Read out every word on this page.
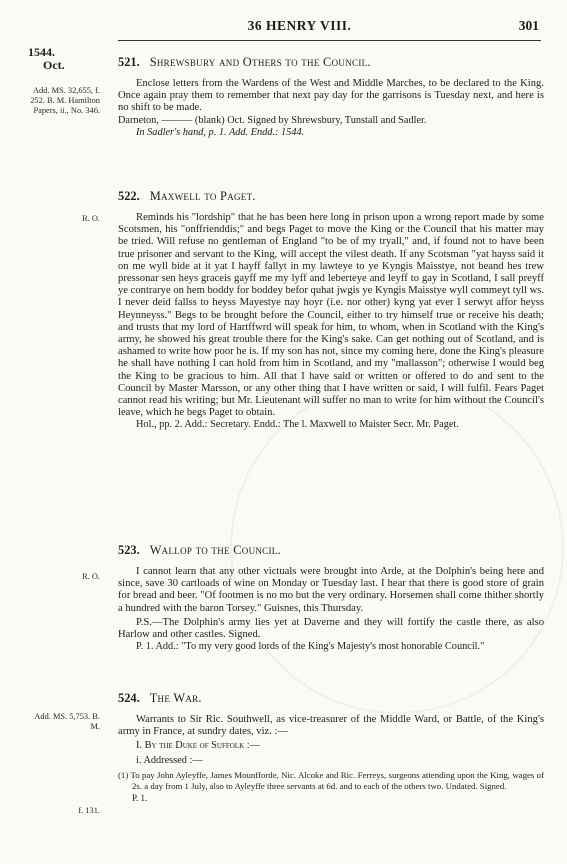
36 HENRY VIII.	301
1544.
Oct.
Add. MS. 32,655, f. 252. B. M. Hamilton Papers, ii., No. 346.

521. Shrewsbury and Others to the Council.

Enclose letters from the Wardens of the West and Middle Marches, to be declared to the King. Once again pray them to remember that next pay day for the garrisons is Tuesday next, and here is no shift to be made.

Darneton, ——— (blank) Oct. Signed by Shrewsbury, Tunstall and Sadler.

In Sadler's hand, p. 1. Add. Endd.: 1544.

R. O.

522. Maxwell to Paget.

Reminds his "lordship" that he has been here long in prison upon a wrong report made by some Scotsmen, his "onffrienddis;" and begs Paget to move the King or the Council that his matter may be tried. Will refuse no gentleman of England "to be of my tryall," and, if found not to have been true prisoner and servant to the King, will accept the vilest death. If any Scotsman "yat hayss said it on me wyll bide at it yat I hayff fallyt in my lawteye to ye Kyngis Maisstye, not beand hes trew pressonar sen heys graceis gayff me my lyff and leberteye and leyff to gay in Scotland, I sall preyff ye contrarye on hem boddy for boddey befor quhat jwgis ye Kyngis Maisstye wyll commeyt tyll ws. I never deid fallss to heyss Mayestye nay hoyr (i.e. nor other) kyng yat ever I serwyt affor heyss Heynneyss." Begs to be brought before the Council, either to try himself true or receive his death; and trusts that my lord of Hartffwrd will speak for him, to whom, when in Scotland with the King's army, he showed his great trouble there for the King's sake. Can get nothing out of Scotland, and is ashamed to write how poor he is. If my son has not, since my coming here, done the King's pleasure he shall have nothing I can hold from him in Scotland, and my "mallasson"; otherwise I would beg the King to be gracious to him. All that I have said or written or offered to do and sent to the Council by Master Marsson, or any other thing that I have written or said, I will fulfil. Fears Paget cannot read his writing; but Mr. Lieutenant will suffer no man to write for him without the Council's leave, which he begs Paget to obtain.

Hol., pp. 2. Add.: Secretary. Endd.: The l. Maxwell to Maister Secr. Mr. Paget.

R. O.

523. Wallop to the Council.

I cannot learn that any other victuals were brought into Arde, at the Dolphin's being here and since, save 30 cartloads of wine on Monday or Tuesday last. I hear that there is good store of grain for bread and beer. "Of footmen is no mo but the very ordinary. Horsemen shall come thither shortly a hundred with the baron Torsey." Guisnes, this Thursday.

P.S.—The Dolphin's army lies yet at Daverne and they will fortify the castle there, as also Harlow and other castles. Signed.

P. 1. Add.: "To my very good lords of the King's Majesty's most honorable Council."

Add. MS. 5,753. B. M.

524. The War.

Warrants to Sir Ric. Southwell, as vice-treasurer of the Middle Ward, or Battle, of the King's army in France, at sundry dates, viz. :—

I. By the Duke of Suffolk :—

i. Addressed :—

(1) To pay John Ayleyffe, James Mounfforde, Nic. Alcoke and Ric. Ferreys, surgeons attending upon the King, wages of 2s. a day from 1 July, also to Ayleyffe three servants at 6d. and to each of the others two. Undated. Signed.

P. 1.

f. 131.
